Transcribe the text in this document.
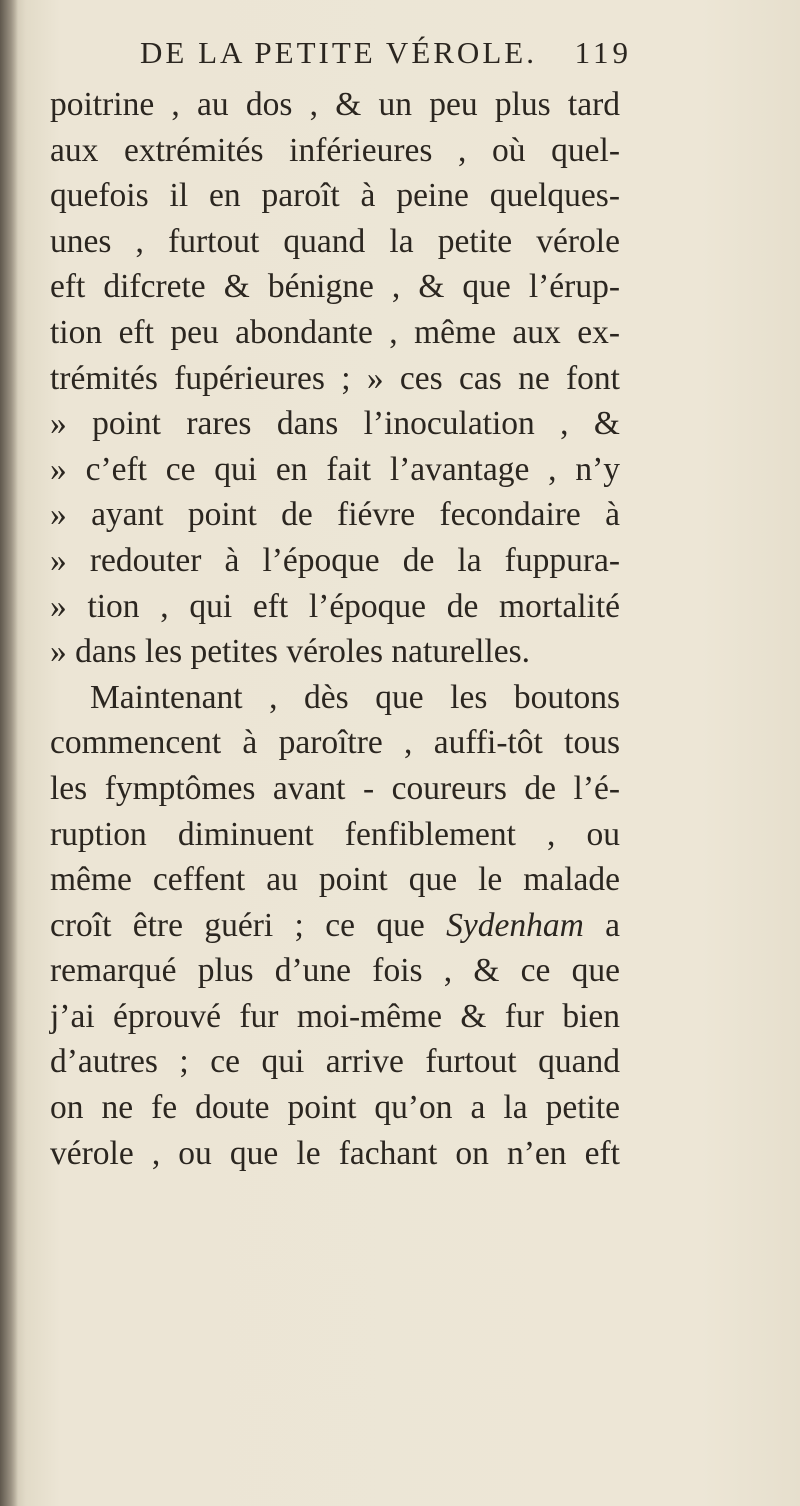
DE LA PETITE VÉROLE. 119
poitrine , au dos , & un peu plus tard
aux extrémités inférieures , où quel-
quefois il en paroît à peine quelques-
unes , furtout quand la petite vérole
eft difcrete & bénigne , & que l’érup-
tion eft peu abondante , même aux ex-
trémités fupérieures ; » ces cas ne font
» point rares dans l’inoculation , &
» c’eft ce qui en fait l’avantage , n’y
» ayant point de fiévre fecondaire à
» redouter à l’époque de la fuppura-
» tion , qui eft l’époque de mortalité
» dans les petites véroles naturelles.
Maintenant , dès que les boutons
commencent à paroître , auffi-tôt tous
les fymptômes avant - coureurs de l’é-
ruption diminuent fenfiblement , ou
même ceffent au point que le malade
croît être guéri ; ce que Sydenham a
remarqué plus d’une fois , & ce que
j’ai éprouvé fur moi-même & fur bien
d’autres ; ce qui arrive furtout quand
on ne fe doute point qu’on a la petite
vérole , ou que le fachant on n’en eft
